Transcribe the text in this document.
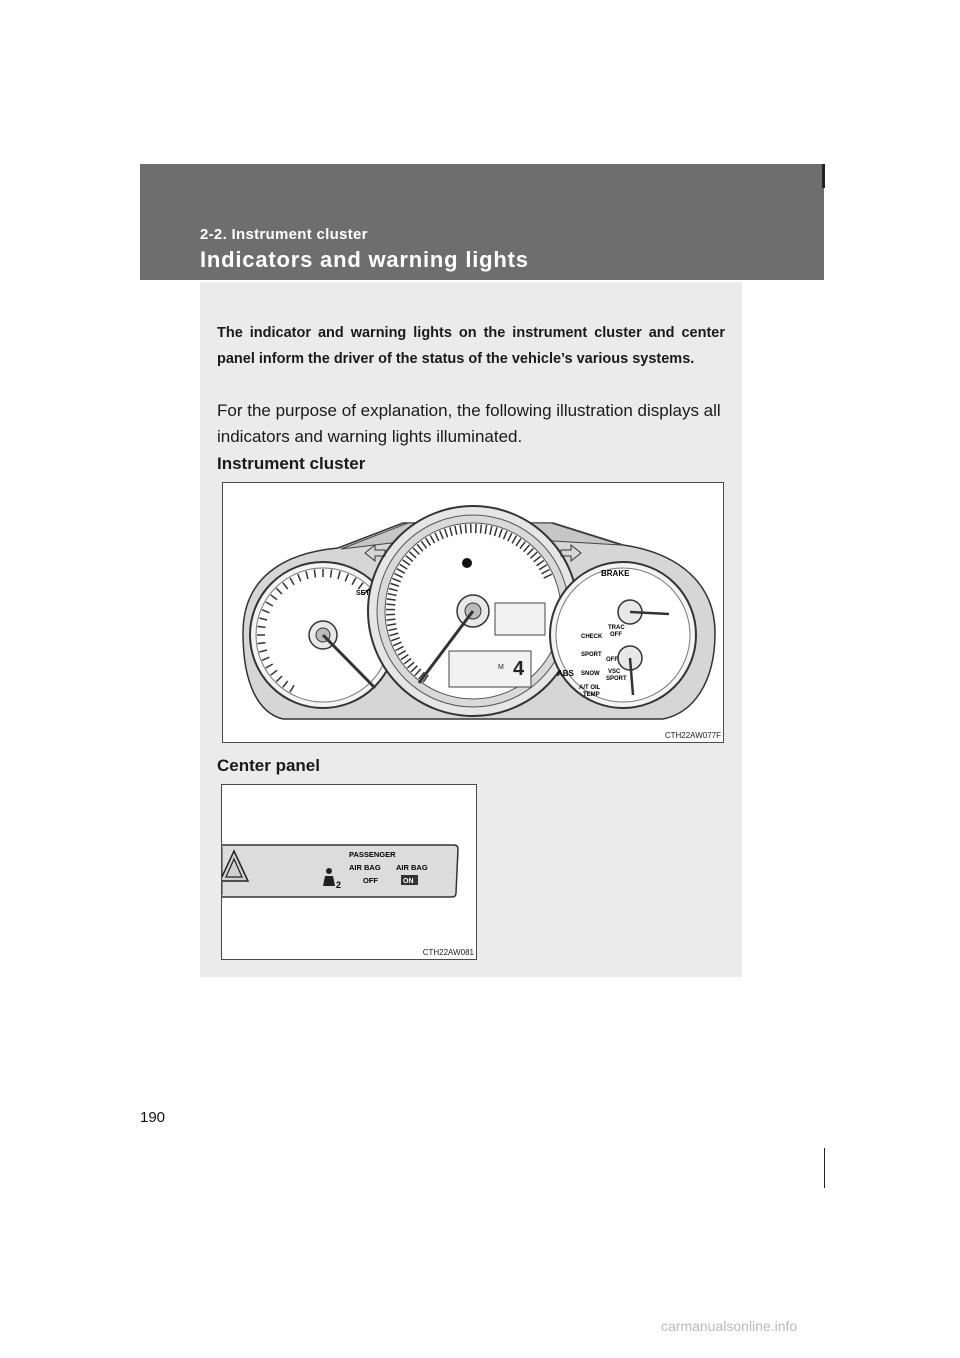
2-2. Instrument cluster
Indicators and warning lights
The indicator and warning lights on the instrument cluster and center panel inform the driver of the status of the vehicle’s various systems.
For the purpose of explanation, the following illustration displays all indicators and warning lights illuminated.
Instrument cluster
4
M
SET
BRAKE
CHECK
TRAC
OFF
OFF
SPORT
SNOW VSC
SPORT
ABS
A/T OIL
TEMP
CTH22AW077F
Center panel
PASSENGER
AIR BAG AIR BAG
OFF	ON
2
CTH22AW081
190
carmanualsonline.info
